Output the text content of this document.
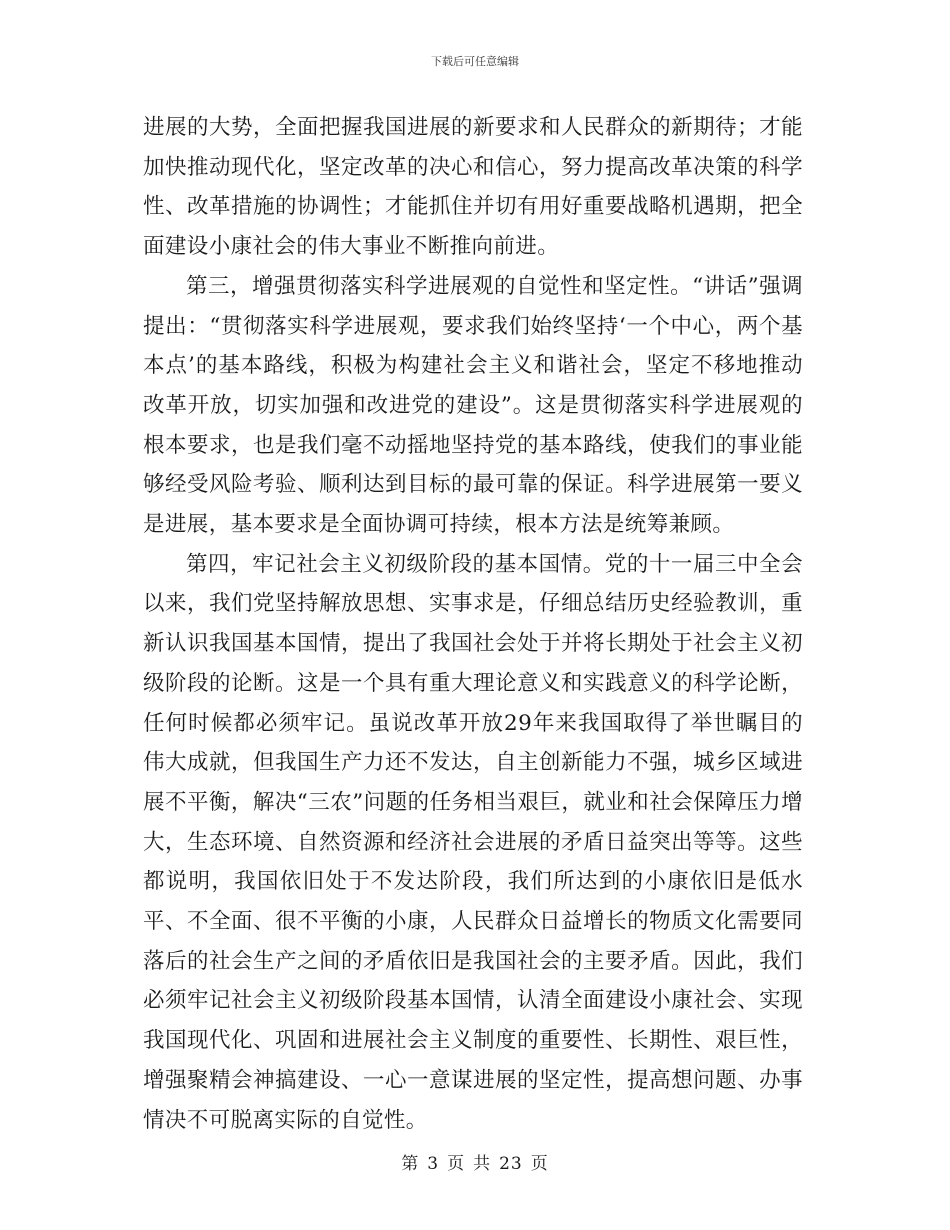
下载后可任意编辑

进展的大势，全面把握我国进展的新要求和人民群众的新期待；才能加快推动现代化，坚定改革的决心和信心，努力提高改革决策的科学性、改革措施的协调性；才能抓住并切有用好重要战略机遇期，把全面建设小康社会的伟大事业不断推向前进。

第三，增强贯彻落实科学进展观的自觉性和坚定性。“讲话”强调提出：“贯彻落实科学进展观，要求我们始终坚持‘一个中心，两个基本点’的基本路线，积极为构建社会主义和谐社会，坚定不移地推动改革开放，切实加强和改进党的建设”。这是贯彻落实科学进展观的根本要求，也是我们毫不动摇地坚持党的基本路线，使我们的事业能够经受风险考验、顺利达到目标的最可靠的保证。科学进展第一要义是进展，基本要求是全面协调可持续，根本方法是统筹兼顾。

第四，牢记社会主义初级阶段的基本国情。党的十一届三中全会以来，我们党坚持解放思想、实事求是，仔细总结历史经验教训，重新认识我国基本国情，提出了我国社会处于并将长期处于社会主义初级阶段的论断。这是一个具有重大理论意义和实践意义的科学论断，任何时候都必须牢记。虽说改革开放29年来我国取得了举世瞩目的伟大成就，但我国生产力还不发达，自主创新能力不强，城乡区域进展不平衡，解决“三农”问题的任务相当艰巨，就业和社会保障压力增大，生态环境、自然资源和经济社会进展的矛盾日益突出等等。这些都说明，我国依旧处于不发达阶段，我们所达到的小康依旧是低水平、不全面、很不平衡的小康，人民群众日益增长的物质文化需要同落后的社会生产之间的矛盾依旧是我国社会的主要矛盾。因此，我们必须牢记社会主义初级阶段基本国情，认清全面建设小康社会、实现我国现代化、巩固和进展社会主义制度的重要性、长期性、艰巨性，增强聚精会神搞建设、一心一意谋进展的坚定性，提高想问题、办事情决不可脱离实际的自觉性。

第 3 页 共 23 页
